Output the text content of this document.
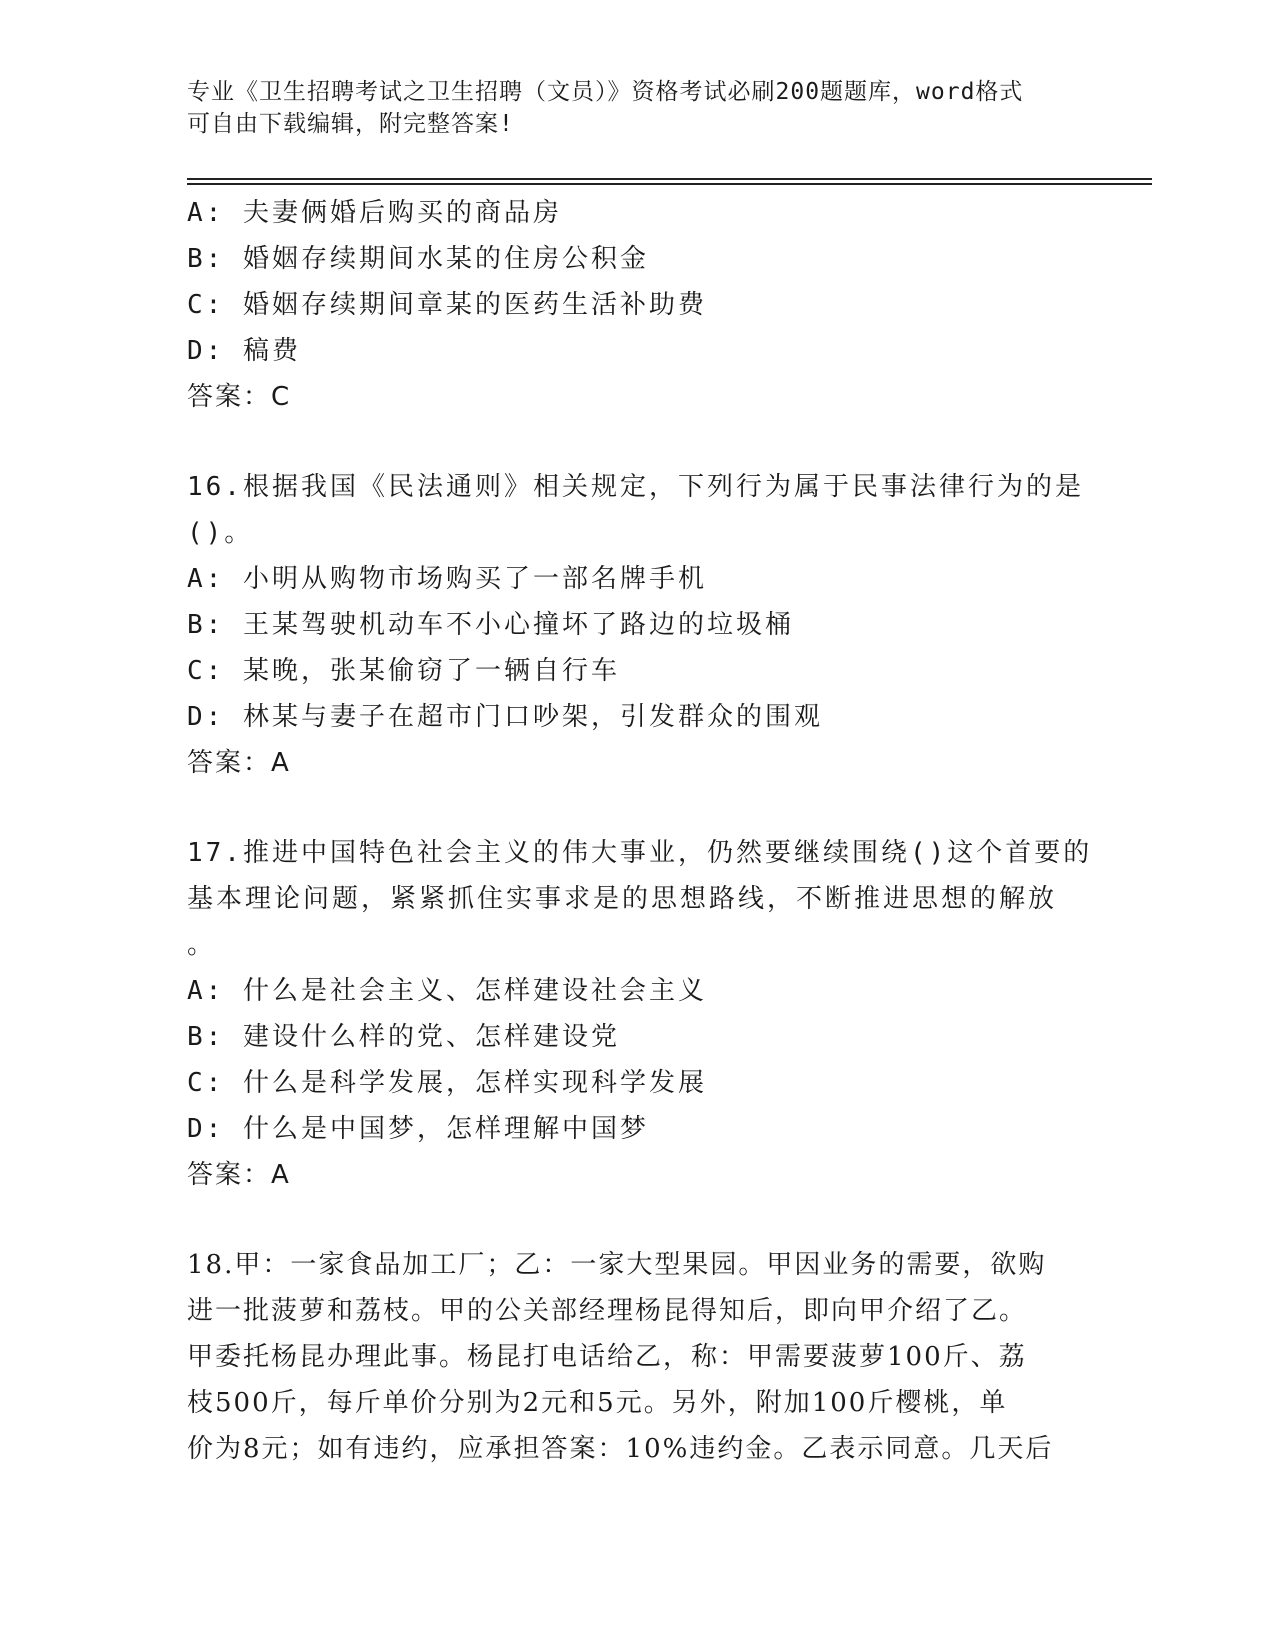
专业《卫生招聘考试之卫生招聘（文员）》资格考试必刷200题题库，word格式
可自由下载编辑，附完整答案!
A: 夫妻俩婚后购买的商品房
B: 婚姻存续期间水某的住房公积金
C: 婚姻存续期间章某的医药生活补助费
D: 稿费
答案：C
16.根据我国《民法通则》相关规定，下列行为属于民事法律行为的是
()。
A: 小明从购物市场购买了一部名牌手机
B: 王某驾驶机动车不小心撞坏了路边的垃圾桶
C: 某晚，张某偷窃了一辆自行车
D: 林某与妻子在超市门口吵架，引发群众的围观
答案：A
17.推进中国特色社会主义的伟大事业，仍然要继续围绕()这个首要的
基本理论问题，紧紧抓住实事求是的思想路线，不断推进思想的解放
。
A: 什么是社会主义、怎样建设社会主义
B: 建设什么样的党、怎样建设党
C: 什么是科学发展，怎样实现科学发展
D: 什么是中国梦，怎样理解中国梦
答案：A
18.甲：一家食品加工厂；乙：一家大型果园。甲因业务的需要，欲购
进一批菠萝和荔枝。甲的公关部经理杨昆得知后，即向甲介绍了乙。
甲委托杨昆办理此事。杨昆打电话给乙，称：甲需要菠萝100斤、荔
枝500斤，每斤单价分别为2元和5元。另外，附加100斤樱桃，单
价为8元；如有违约，应承担答案：10%违约金。乙表示同意。几天后
